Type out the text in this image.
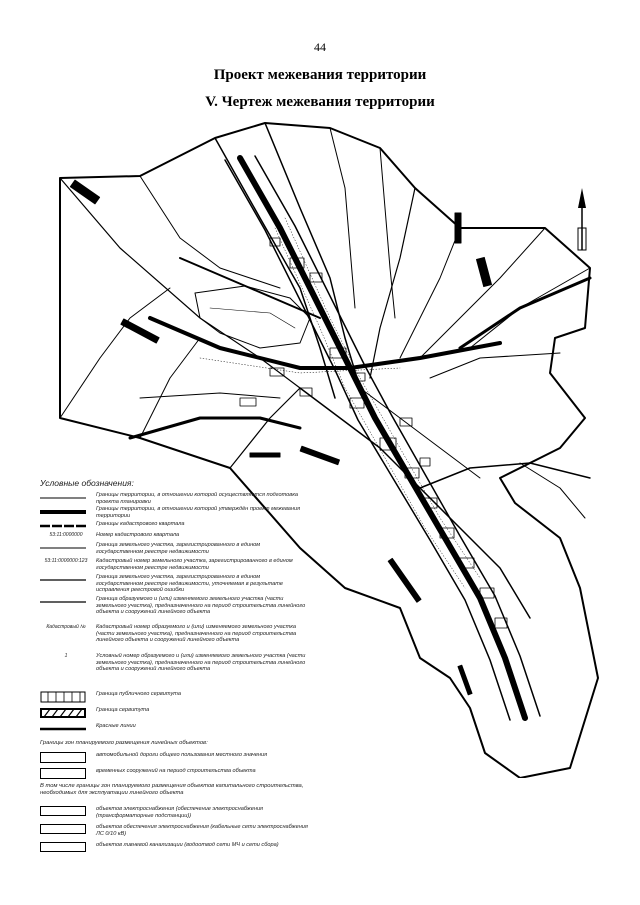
44
Проект межевания территории
V. Чертеж межевания территории
Условные обозначения:
Границы территории, в отношении которой осуществляется подготовка проекта планировки
Границы территории, в отношении которой утверждён проект межевания территории
Границы кадастрового квартала
53:11:0000000	Номер кадастрового квартала
Граница земельного участка, зарегистрированного в едином государственном реестре недвижимости
53:11:0000000:123	Кадастровый номер земельного участка, зарегистрированного в едином государственном реестре недвижимости
Граница земельного участка, зарегистрированного в едином государственном реестре недвижимости, уточняемая в результате исправления реестровой ошибки
Граница образуемого и (или) изменяемого земельного участка (части земельного участка), предназначенного на период строительства линейного объекта и сооружений линейного объекта
Кадастровый №	Кадастровый номер образуемого и (или) изменяемого земельного участка (части земельного участка), предназначенного на период строительства линейного объекта и сооружений линейного объекта
1	Условный номер образуемого и (или) изменяемого земельного участка (части земельного участка), предназначенного на период строительства линейного объекта и сооружений линейного объекта
Граница публичного сервитута
Граница сервитута
Красные линии
Границы зон планируемого размещения линейных объектов:
автомобильной дороги общего пользования местного значения
временных сооружений на период строительства объекта
В том числе границы зон планируемого размещения объектов капитального строительства, необходимых для эксплуатации линейного объекта
объектов электроснабжения (обеспечение электроснабжения (трансформаторные подстанции))
объектов обеспечения электроснабжения (кабельные сети электроснабжения ЛС 0/10 кВ)
объектов ливневой канализации (водоотвод сети МЧ и сети сбора)
